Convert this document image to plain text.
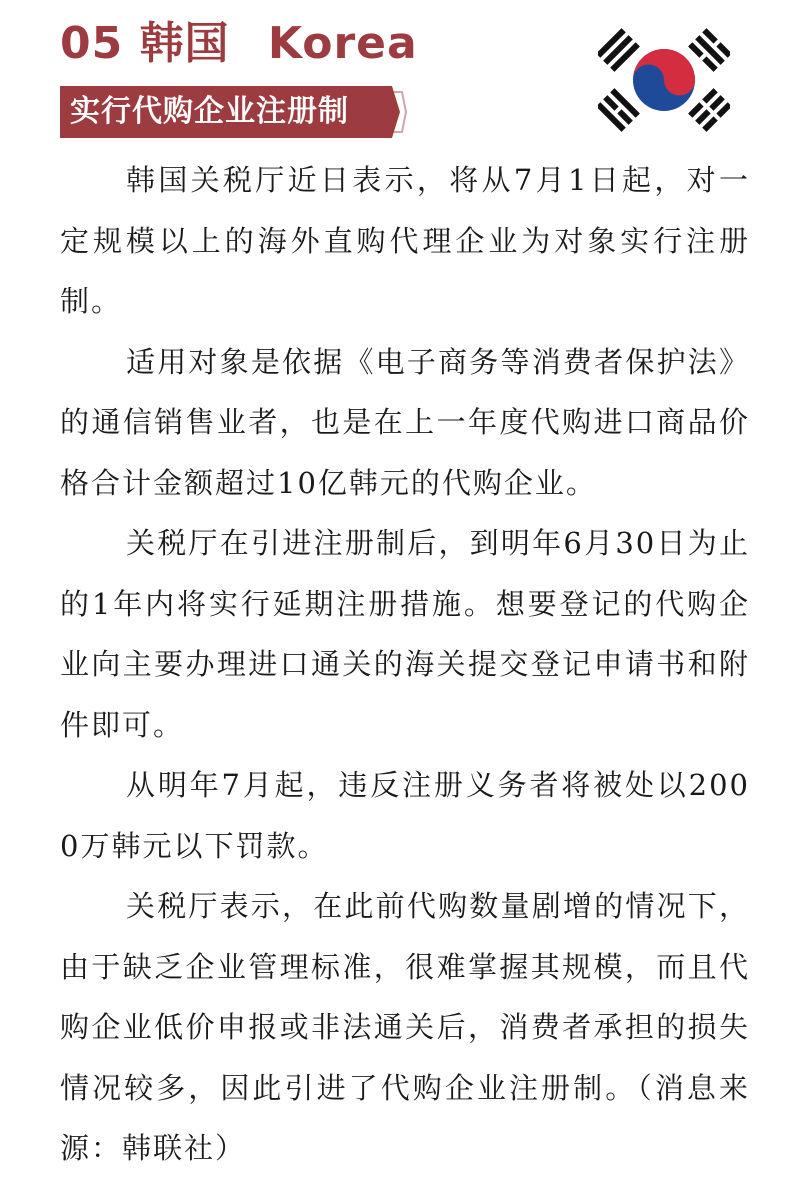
05 韩国 Korea
实行代购企业注册制

韩国关税厅近日表示，将从7月1日起，对一定规模以上的海外直购代理企业为对象实行注册制。

适用对象是依据《电子商务等消费者保护法》的通信销售业者，也是在上一年度代购进口商品价格合计金额超过10亿韩元的代购企业。

关税厅在引进注册制后，到明年6月30日为止的1年内将实行延期注册措施。想要登记的代购企业向主要办理进口通关的海关提交登记申请书和附件即可。

从明年7月起，违反注册义务者将被处以2000万韩元以下罚款。

关税厅表示，在此前代购数量剧增的情况下，由于缺乏企业管理标准，很难掌握其规模，而且代购企业低价申报或非法通关后，消费者承担的损失情况较多，因此引进了代购企业注册制。（消息来源：韩联社）
